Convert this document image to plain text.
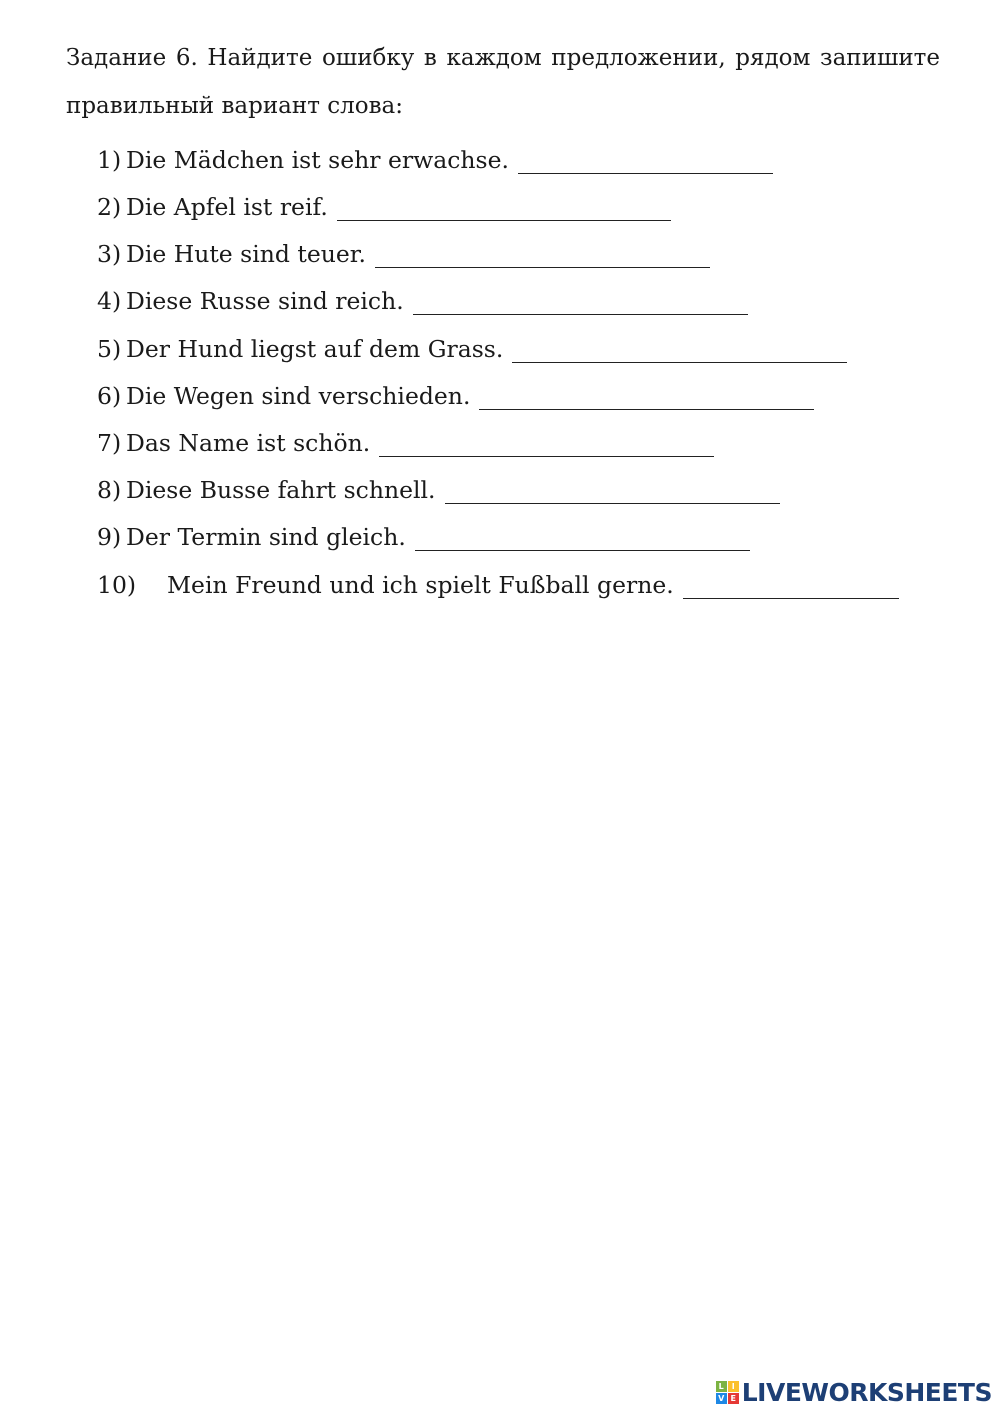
Задание 6. Найдите ошибку в каждом предложении, рядом запишите правильный вариант слова:
1) Die Mädchen ist sehr erwachse.
2) Die Apfel ist reif.
3) Die Hute sind teuer.
4) Diese Russe sind reich.
5) Der Hund liegst auf dem Grass.
6) Die Wegen sind verschieden.
7) Das Name ist schön.
8) Diese Busse fahrt schnell.
9) Der Termin sind gleich.
10)	Mein Freund und ich spielt Fußball gerne.
L I
V E LIVEWORKSHEETS
